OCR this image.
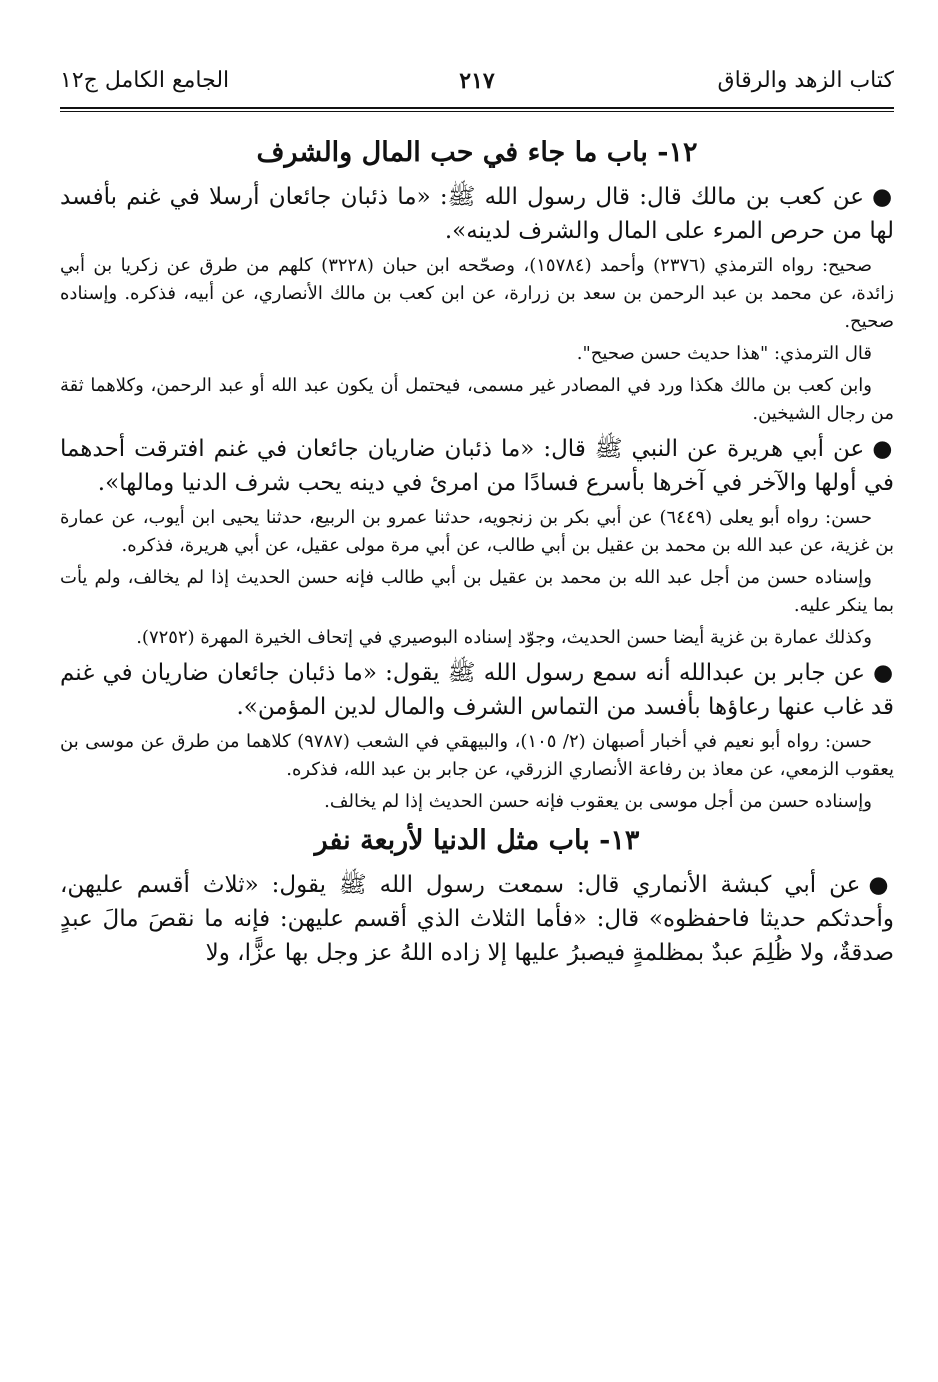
كتاب الزهد والرقاق
٢١٧
الجامع الكامل ج١٢
١٢- باب ما جاء في حب المال والشرف

●عن كعب بن مالك قال: قال رسول الله ﷺ: «ما ذئبان جائعان أرسلا في غنم بأفسد لها من حرص المرء على المال والشرف لدينه».

صحيح: رواه الترمذي (٢٣٧٦) وأحمد (١٥٧٨٤)، وصحّحه ابن حبان (٣٢٢٨) كلهم من طرق عن زكريا بن أبي زائدة، عن محمد بن عبد الرحمن بن سعد بن زرارة، عن ابن كعب بن مالك الأنصاري، عن أبيه، فذكره. وإسناده صحيح.

قال الترمذي: "هذا حديث حسن صحيح".

وابن كعب بن مالك هكذا ورد في المصادر غير مسمى، فيحتمل أن يكون عبد الله أو عبد الرحمن، وكلاهما ثقة من رجال الشيخين.

●عن أبي هريرة عن النبي ﷺ قال: «ما ذئبان ضاريان جائعان في غنم افترقت أحدهما في أولها والآخر في آخرها بأسرع فسادًا من امرئ في دينه يحب شرف الدنيا ومالها».

حسن: رواه أبو يعلى (٦٤٤٩) عن أبي بكر بن زنجويه، حدثنا عمرو بن الربيع، حدثنا يحيى ابن أيوب، عن عمارة بن غزية، عن عبد الله بن محمد بن عقيل بن أبي طالب، عن أبي مرة مولى عقيل، عن أبي هريرة، فذكره.

وإسناده حسن من أجل عبد الله بن محمد بن عقيل بن أبي طالب فإنه حسن الحديث إذا لم يخالف، ولم يأت بما ينكر عليه.

وكذلك عمارة بن غزية أيضا حسن الحديث، وجوّد إسناده البوصيري في إتحاف الخيرة المهرة (٧٢٥٢).

●عن جابر بن عبدالله أنه سمع رسول الله ﷺ يقول: «ما ذئبان جائعان ضاريان في غنم قد غاب عنها رعاؤها بأفسد من التماس الشرف والمال لدين المؤمن».

حسن: رواه أبو نعيم في أخبار أصبهان (٢/ ١٠٥)، والبيهقي في الشعب (٩٧٨٧) كلاهما من طرق عن موسى بن يعقوب الزمعي، عن معاذ بن رفاعة الأنصاري الزرقي، عن جابر بن عبد الله، فذكره.

وإسناده حسن من أجل موسى بن يعقوب فإنه حسن الحديث إذا لم يخالف.

١٣- باب مثل الدنيا لأربعة نفر

●عن أبي كبشة الأنماري قال: سمعت رسول الله ﷺ يقول: «ثلاث أقسم عليهن، وأحدثكم حديثا فاحفظوه» قال: «فأما الثلاث الذي أقسم عليهن: فإنه ما نقصَ مالَ عبدٍ صدقةٌ، ولا ظُلِمَ عبدٌ بمظلمةٍ فيصبرُ عليها إلا زاده اللهُ عز وجل بها عزًّا، ولا
